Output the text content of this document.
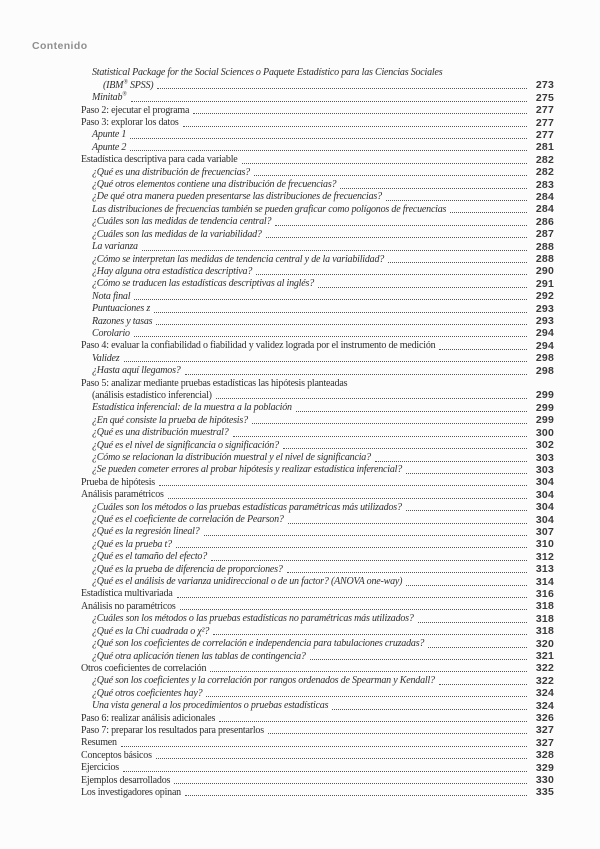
Contenido
Statistical Package for the Social Sciences o Paquete Estadístico para las Ciencias Sociales
(IBM® SPSS)	273
Minitab®	275
Paso 2: ejecutar el programa	277
Paso 3: explorar los datos	277
Apunte 1	277
Apunte 2	281
Estadística descriptiva para cada variable	282
¿Qué es una distribución de frecuencias?	282
¿Qué otros elementos contiene una distribución de frecuencias?	283
¿De qué otra manera pueden presentarse las distribuciones de frecuencias?	284
Las distribuciones de frecuencias también se pueden graficar como polígonos de frecuencias	284
¿Cuáles son las medidas de tendencia central?	286
¿Cuáles son las medidas de la variabilidad?	287
La varianza	288
¿Cómo se interpretan las medidas de tendencia central y de la variabilidad?	288
¿Hay alguna otra estadística descriptiva?	290
¿Cómo se traducen las estadísticas descriptivas al inglés?	291
Nota final	292
Puntuaciones z	293
Razones y tasas	293
Corolario	294
Paso 4: evaluar la confiabilidad o fiabilidad y validez lograda por el instrumento de medición	294
Validez	298
¿Hasta aquí llegamos?	298
Paso 5: analizar mediante pruebas estadísticas las hipótesis planteadas
(análisis estadístico inferencial)	299
Estadística inferencial: de la muestra a la población	299
¿En qué consiste la prueba de hipótesis?	299
¿Qué es una distribución muestral?	300
¿Qué es el nivel de significancia o significación?	302
¿Cómo se relacionan la distribución muestral y el nivel de significancia?	303
¿Se pueden cometer errores al probar hipótesis y realizar estadística inferencial?	303
Prueba de hipótesis	304
Análisis paramétricos	304
¿Cuáles son los métodos o las pruebas estadísticas paramétricas más utilizados?	304
¿Qué es el coeficiente de correlación de Pearson?	304
¿Qué es la regresión lineal?	307
¿Qué es la prueba t?	310
¿Qué es el tamaño del efecto?	312
¿Qué es la prueba de diferencia de proporciones?	313
¿Qué es el análisis de varianza unidireccional o de un factor? (ANOVA one-way)	314
Estadística multivariada	316
Análisis no paramétricos	318
¿Cuáles son los métodos o las pruebas estadísticas no paramétricas más utilizados?	318
¿Qué es la Chi cuadrada o χ²?	318
¿Qué son los coeficientes de correlación e independencia para tabulaciones cruzadas?	320
¿Qué otra aplicación tienen las tablas de contingencia?	321
Otros coeficientes de correlación	322
¿Qué son los coeficientes y la correlación por rangos ordenados de Spearman y Kendall?	322
¿Qué otros coeficientes hay?	324
Una vista general a los procedimientos o pruebas estadísticas	324
Paso 6: realizar análisis adicionales	326
Paso 7: preparar los resultados para presentarlos	327
Resumen	327
Conceptos básicos	328
Ejercicios	329
Ejemplos desarrollados	330
Los investigadores opinan	335
